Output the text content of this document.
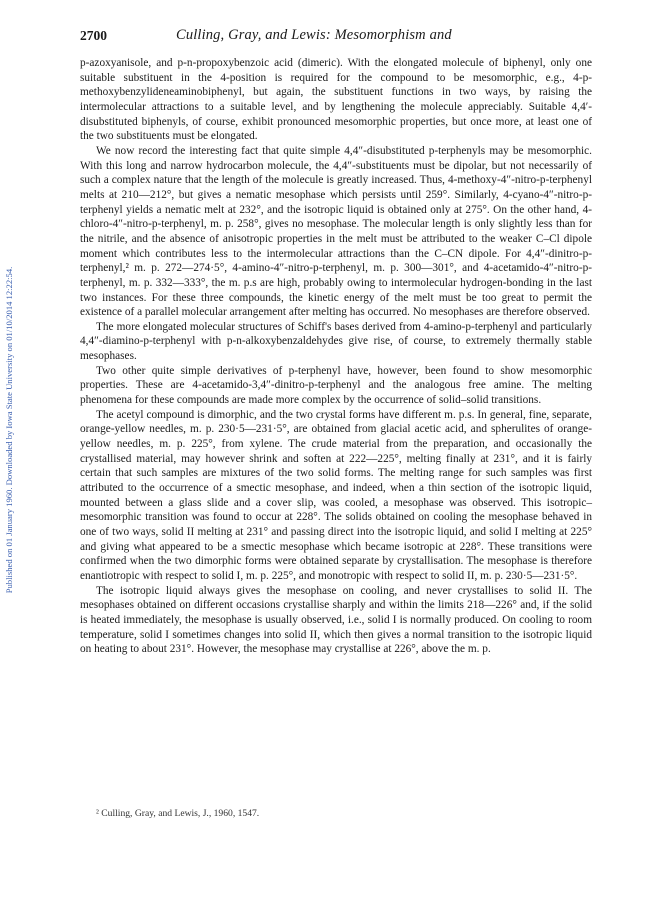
Published on 01 January 1960. Downloaded by Iowa State University on 01/10/2014 12:22:54.
2700	Culling, Gray, and Lewis: Mesomorphism and

p-azoxyanisole, and p-n-propoxybenzoic acid (dimeric). With the elongated molecule of biphenyl, only one suitable substituent in the 4-position is required for the compound to be mesomorphic, e.g., 4-p-methoxybenzylideneaminobiphenyl, but again, the substituent functions in two ways, by raising the intermolecular attractions to a suitable level, and by lengthening the molecule appreciably. Suitable 4,4′-disubstituted biphenyls, of course, exhibit pronounced mesomorphic properties, but once more, at least one of the two substituents must be elongated.

We now record the interesting fact that quite simple 4,4″-disubstituted p-terphenyls may be mesomorphic. With this long and narrow hydrocarbon molecule, the 4,4″-substituents must be dipolar, but not necessarily of such a complex nature that the length of the molecule is greatly increased. Thus, 4-methoxy-4″-nitro-p-terphenyl melts at 210—212°, but gives a nematic mesophase which persists until 259°. Similarly, 4-cyano-4″-nitro-p-terphenyl yields a nematic melt at 232°, and the isotropic liquid is obtained only at 275°. On the other hand, 4-chloro-4″-nitro-p-terphenyl, m. p. 258°, gives no mesophase. The molecular length is only slightly less than for the nitrile, and the absence of anisotropic properties in the melt must be attributed to the weaker C–Cl dipole moment which contributes less to the intermolecular attractions than the C–CN dipole. For 4,4″-dinitro-p-terphenyl,² m. p. 272—274·5°, 4-amino-4″-nitro-p-terphenyl, m. p. 300—301°, and 4-acetamido-4″-nitro-p-terphenyl, m. p. 332—333°, the m. p.s are high, probably owing to intermolecular hydrogen-bonding in the last two instances. For these three compounds, the kinetic energy of the melt must be too great to permit the existence of a parallel molecular arrangement after melting has occurred. No mesophases are therefore observed.

The more elongated molecular structures of Schiff's bases derived from 4-amino-p-terphenyl and particularly 4,4″-diamino-p-terphenyl with p-n-alkoxybenzaldehydes give rise, of course, to extremely thermally stable mesophases.

Two other quite simple derivatives of p-terphenyl have, however, been found to show mesomorphic properties. These are 4-acetamido-3,4″-dinitro-p-terphenyl and the analogous free amine. The melting phenomena for these compounds are made more complex by the occurrence of solid–solid transitions.

The acetyl compound is dimorphic, and the two crystal forms have different m. p.s. In general, fine, separate, orange-yellow needles, m. p. 230·5—231·5°, are obtained from glacial acetic acid, and spherulites of orange-yellow needles, m. p. 225°, from xylene. The crude material from the preparation, and occasionally the crystallised material, may however shrink and soften at 222—225°, melting finally at 231°, and it is fairly certain that such samples are mixtures of the two solid forms. The melting range for such samples was first attributed to the occurrence of a smectic mesophase, and indeed, when a thin section of the isotropic liquid, mounted between a glass slide and a cover slip, was cooled, a mesophase was observed. This isotropic–mesomorphic transition was found to occur at 228°. The solids obtained on cooling the mesophase behaved in one of two ways, solid II melting at 231° and passing direct into the isotropic liquid, and solid I melting at 225° and giving what appeared to be a smectic mesophase which became isotropic at 228°. These transitions were confirmed when the two dimorphic forms were obtained separate by crystallisation. The mesophase is therefore enantiotropic with respect to solid I, m. p. 225°, and monotropic with respect to solid II, m. p. 230·5—231·5°.

The isotropic liquid always gives the mesophase on cooling, and never crystallises to solid II. The mesophases obtained on different occasions crystallise sharply and within the limits 218—226° and, if the solid is heated immediately, the mesophase is usually observed, i.e., solid I is normally produced. On cooling to room temperature, solid I sometimes changes into solid II, which then gives a normal transition to the isotropic liquid on heating to about 231°. However, the mesophase may crystallise at 226°, above the m. p.

² Culling, Gray, and Lewis, J., 1960, 1547.
